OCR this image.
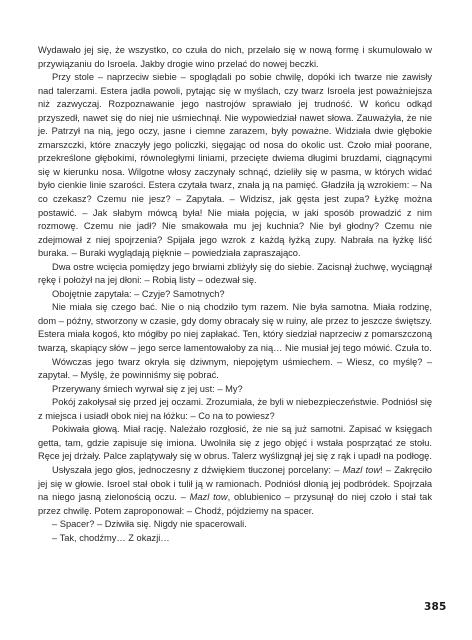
Wydawało jej się, że wszystko, co czuła do nich, przelało się w nową formę i skumulowało w przywiązaniu do Isroela. Jakby drogie wino przelać do nowej beczki.

Przy stole – naprzeciw siebie – spoglądali po sobie chwilę, dopóki ich twarze nie zawisły nad talerzami. Estera jadła powoli, pytając się w myślach, czy twarz Isroela jest poważniejsza niż zazwyczaj. Rozpoznawanie jego nastrojów sprawiało jej trudność. W końcu odkąd przyszedł, nawet się do niej nie uśmiechnął. Nie wypowiedział nawet słowa. Zauważyła, że nie je. Patrzył na nią, jego oczy, jasne i ciemne zarazem, były poważne. Widziała dwie głębokie zmarszczki, które znaczyły jego policzki, sięgając od nosa do okolic ust. Czoło miał poorane, przekreślone głębokimi, równoległymi liniami, przecięte dwiema długimi bruzdami, ciągnącymi się w kierunku nosa. Wilgotne włosy zaczynały schnąć, dzieliły się w pasma, w których widać było cienkie linie szarości. Estera czytała twarz, znała ją na pamięć. Gładziła ją wzrokiem: – Na co czekasz? Czemu nie jesz? – Zapytała. – Widzisz, jak gęsta jest zupa? Łyżkę można postawić. – Jak słabym mówcą była! Nie miała pojęcia, w jaki sposób prowadzić z nim rozmowę. Czemu nie jadł? Nie smakowała mu jej kuchnia? Nie był głodny? Czemu nie zdejmował z niej spojrzenia? Spijała jego wzrok z każdą łyżką zupy. Nabrała na łyżkę liść buraka. – Buraki wyglądają pięknie – powiedziała zapraszająco.

Dwa ostre wcięcia pomiędzy jego brwiami zbliżyły się do siebie. Zacisnął żuchwę, wyciągnął rękę i położył na jej dłoni: – Robią listy – odezwał się.

Obojętnie zapytała: – Czyje? Samotnych?

Nie miała się czego bać. Nie o nią chodziło tym razem. Nie była samotna. Miała rodzinę, dom – późny, stworzony w czasie, gdy domy obracały się w ruiny, ale przez to jeszcze świętszy. Estera miała kogoś, kto mógłby po niej zapłakać. Ten, który siedział naprzeciw z pomarszczoną twarzą, skapiący słów – jego serce lamentowałoby za nią… Nie musiał jej tego mówić. Czuła to.

Wówczas jego twarz okryła się dziwnym, niepojętym uśmiechem. – Wiesz, co myślę? – zapytał. – Myślę, że powinniśmy się pobrać.

Przerywany śmiech wyrwał się z jej ust: – My?

Pokój zakołysał się przed jej oczami. Zrozumiała, że byli w niebezpieczeństwie. Podniósł się z miejsca i usiadł obok niej na łóżku: – Co na to powiesz?

Pokiwała głową. Miał rację. Należało rozgłosić, że nie są już samotni. Zapisać w księgach getta, tam, gdzie zapisuje się imiona. Uwolniła się z jego objęć i wstała posprzątać ze stołu. Ręce jej drżały. Palce zaplątywały się w obrus. Talerz wyślizgnął jej się z rąk i upadł na podłogę.

Usłyszała jego głos, jednoczesny z dźwiękiem tłuczonej porcelany: – Mazl tow! – Zakręciło jej się w głowie. Isroel stał obok i tulił ją w ramionach. Podniósł dłonią jej podbródek. Spojrzała na niego jasną zielonością oczu. – Mazl tow, oblubienico – przysunął do niej czoło i stał tak przez chwilę. Potem zaproponował: – Chodź, pójdziemy na spacer.

– Spacer? – Dziwiła się. Nigdy nie spacerowali.

– Tak, chodźmy… Z okazji…

385
